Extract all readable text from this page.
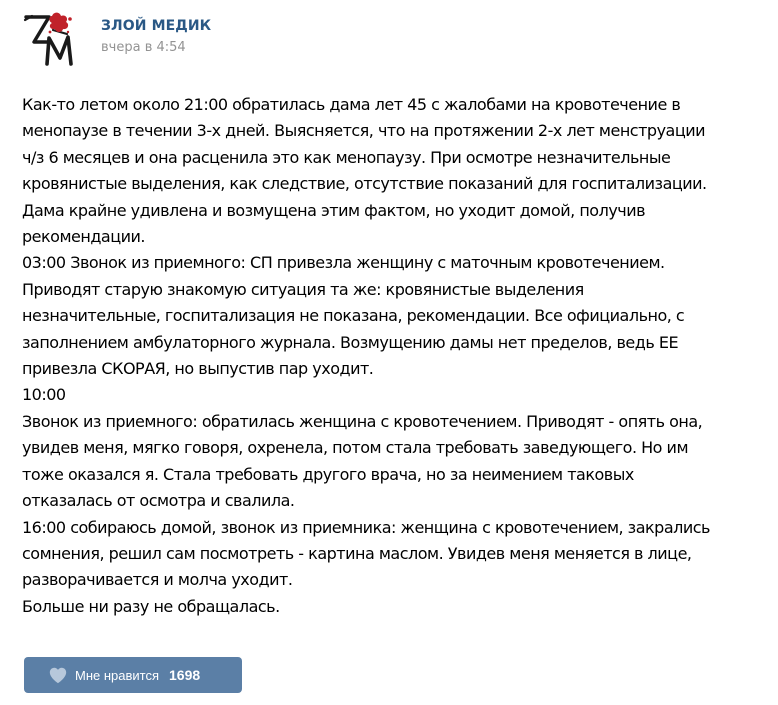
ЗЛОЙ МЕДИК
вчера в 4:54
Как-то летом около 21:00 обратилась дама лет 45 с жалобами на кровотечение в
менопаузе в течении 3-х дней. Выясняется, что на протяжении 2-х лет менструации
ч/з 6 месяцев и она расценила это как менопаузу. При осмотре незначительные
кровянистые выделения, как следствие, отсутствие показаний для госпитализации.
Дама крайне удивлена и возмущена этим фактом, но уходит домой, получив
рекомендации.
03:00 Звонок из приемного: СП привезла женщину с маточным кровотечением.
Приводят старую знакомую ситуация та же: кровянистые выделения
незначительные, госпитализация не показана, рекомендации. Все официально, с
заполнением амбулаторного журнала. Возмущению дамы нет пределов, ведь ЕЕ
привезла СКОРАЯ, но выпустив пар уходит.
10:00
Звонок из приемного: обратилась женщина с кровотечением. Приводят - опять она,
увидев меня, мягко говоря, охренела, потом стала требовать заведующего. Но им
тоже оказался я. Стала требовать другого врача, но за неимением таковых
отказалась от осмотра и свалила.
16:00 собираюсь домой, звонок из приемника: женщина с кровотечением, закрались
сомнения, решил сам посмотреть - картина маслом. Увидев меня меняется в лице,
разворачивается и молча уходит.
Больше ни разу не обращалась.
Мне нравится 1698
